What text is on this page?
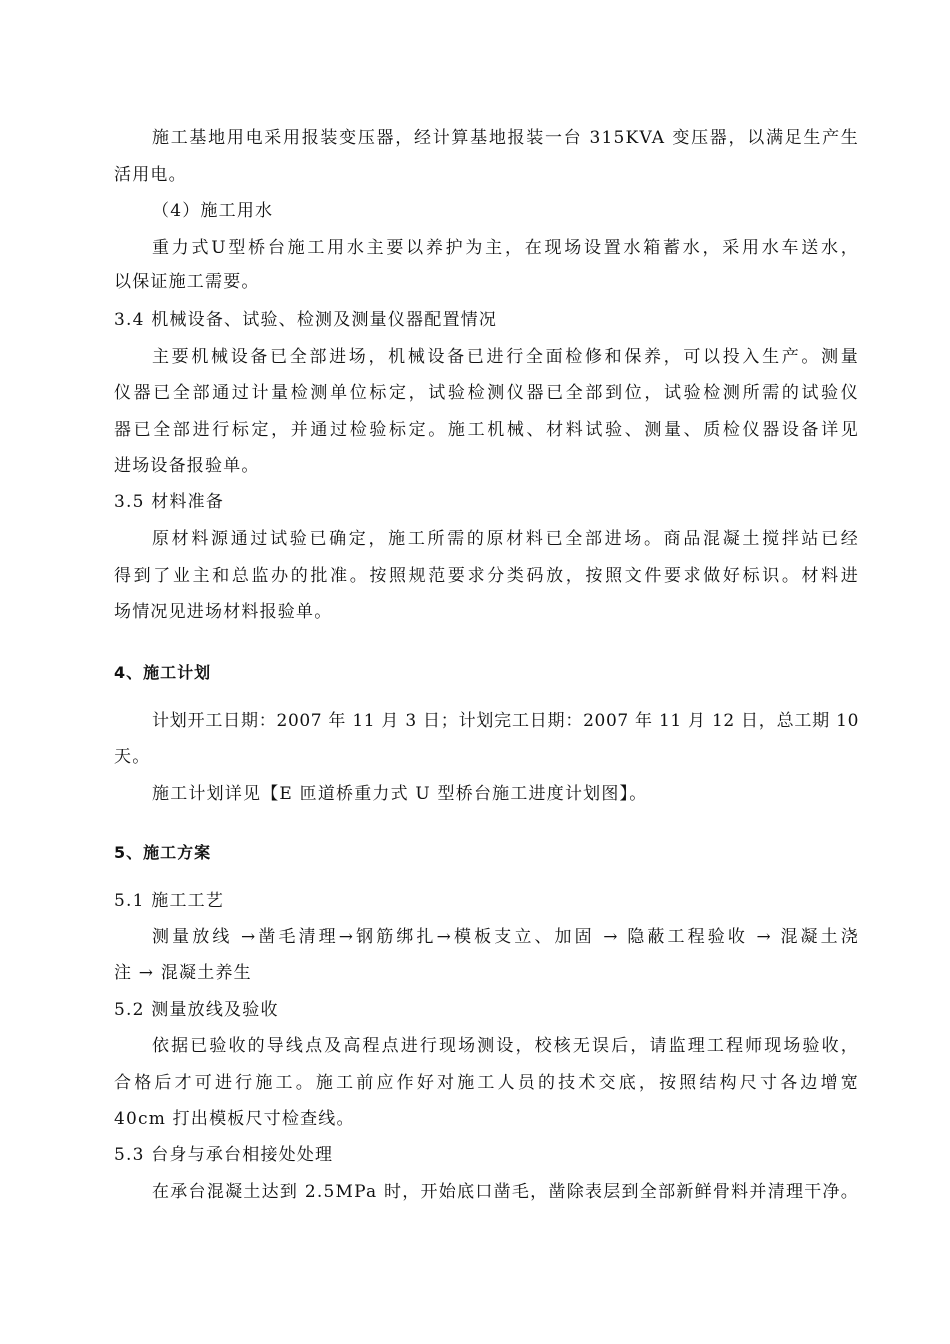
施工基地用电采用报装变压器，经计算基地报装一台 315KVA 变压器，以满足生产生
活用电。
（4）施工用水
重力式U型桥台施工用水主要以养护为主，在现场设置水箱蓄水，采用水车送水，
以保证施工需要。
3.4 机械设备、试验、检测及测量仪器配置情况
主要机械设备已全部进场，机械设备已进行全面检修和保养，可以投入生产。测量
仪器已全部通过计量检测单位标定，试验检测仪器已全部到位，试验检测所需的试验仪
器已全部进行标定，并通过检验标定。施工机械、材料试验、测量、质检仪器设备详见
进场设备报验单。
3.5 材料准备
原材料源通过试验已确定，施工所需的原材料已全部进场。商品混凝土搅拌站已经
得到了业主和总监办的批准。按照规范要求分类码放，按照文件要求做好标识。材料进
场情况见进场材料报验单。
4、施工计划
计划开工日期：2007 年 11 月 3 日；计划完工日期：2007 年 11 月 12 日，总工期 10
天。
施工计划详见【E 匝道桥重力式 U 型桥台施工进度计划图】。
5、施工方案
5.1 施工工艺
测量放线 →凿毛清理→钢筋绑扎→模板支立、加固 → 隐蔽工程验收 → 混凝土浇
注 → 混凝土养生
5.2 测量放线及验收
依据已验收的导线点及高程点进行现场测设，校核无误后，请监理工程师现场验收，
合格后才可进行施工。施工前应作好对施工人员的技术交底，按照结构尺寸各边增宽
40cm 打出模板尺寸检查线。
5.3 台身与承台相接处处理
在承台混凝土达到 2.5MPa 时，开始底口凿毛，凿除表层到全部新鲜骨料并清理干净。
